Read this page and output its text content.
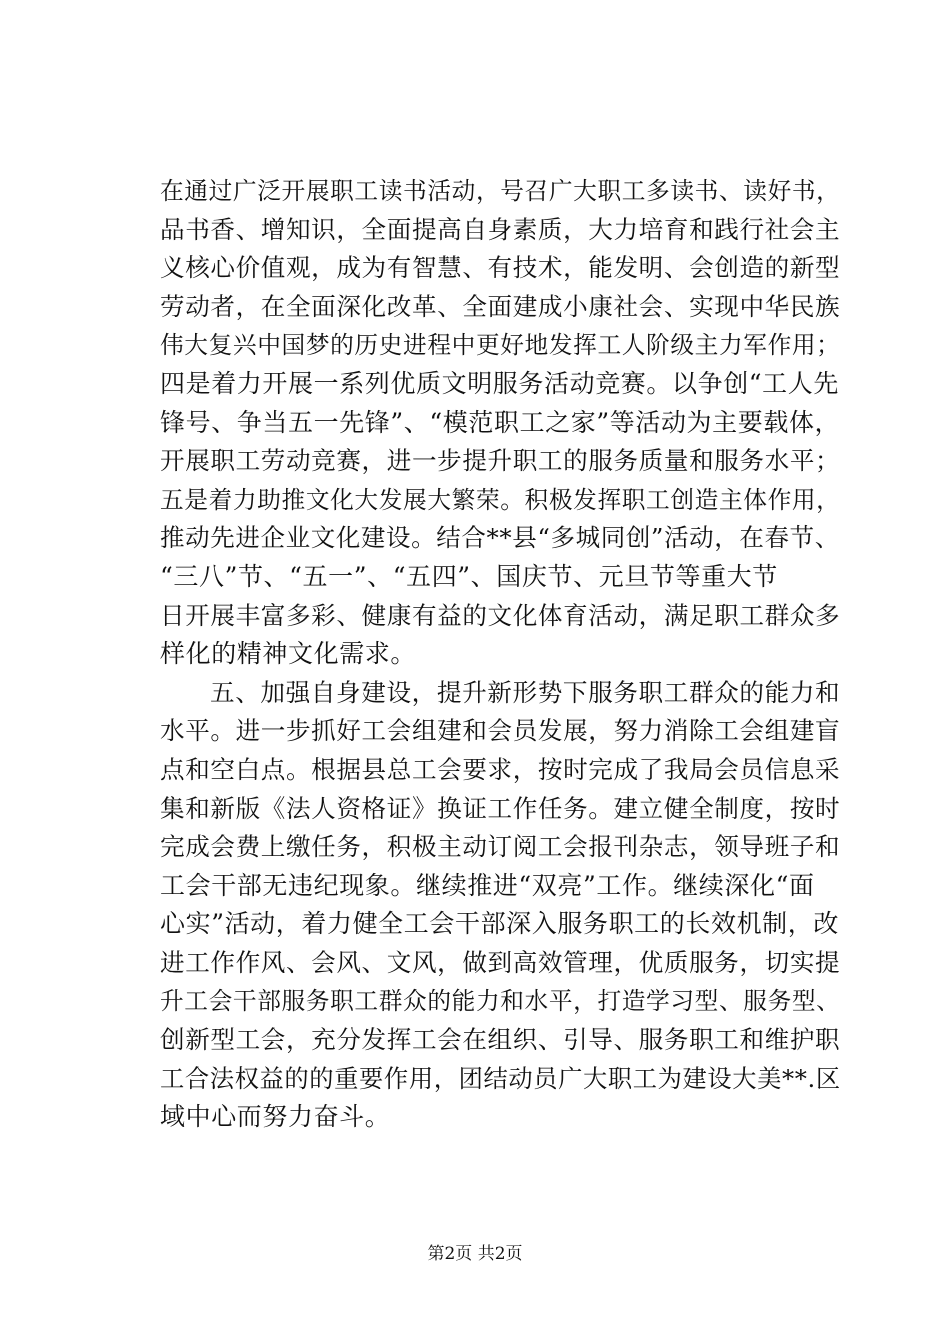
在通过广泛开展职工读书活动，号召广大职工多读书、读好书，
品书香、增知识，全面提高自身素质，大力培育和践行社会主
义核心价值观，成为有智慧、有技术，能发明、会创造的新型
劳动者，在全面深化改革、全面建成小康社会、实现中华民族
伟大复兴中国梦的历史进程中更好地发挥工人阶级主力军作用；
四是着力开展一系列优质文明服务活动竞赛。以争创“工人先
锋号、争当五一先锋”、“模范职工之家”等活动为主要载体，
开展职工劳动竞赛，进一步提升职工的服务质量和服务水平；
五是着力助推文化大发展大繁荣。积极发挥职工创造主体作用，
推动先进企业文化建设。结合**县“多城同创”活动，在春节、
“三八”节、“五一”、“五四”、国庆节、元旦节等重大节
日开展丰富多彩、健康有益的文化体育活动，满足职工群众多
样化的精神文化需求。
五、加强自身建设，提升新形势下服务职工群众的能力和
水平。进一步抓好工会组建和会员发展，努力消除工会组建盲
点和空白点。根据县总工会要求，按时完成了我局会员信息采
集和新版《法人资格证》换证工作任务。建立健全制度，按时
完成会费上缴任务，积极主动订阅工会报刊杂志，领导班子和
工会干部无违纪现象。继续推进“双亮”工作。继续深化“面
心实”活动，着力健全工会干部深入服务职工的长效机制，改
进工作作风、会风、文风，做到高效管理，优质服务，切实提
升工会干部服务职工群众的能力和水平，打造学习型、服务型、
创新型工会，充分发挥工会在组织、引导、服务职工和维护职
工合法权益的的重要作用，团结动员广大职工为建设大美**.区
域中心而努力奋斗。
第2页 共2页
